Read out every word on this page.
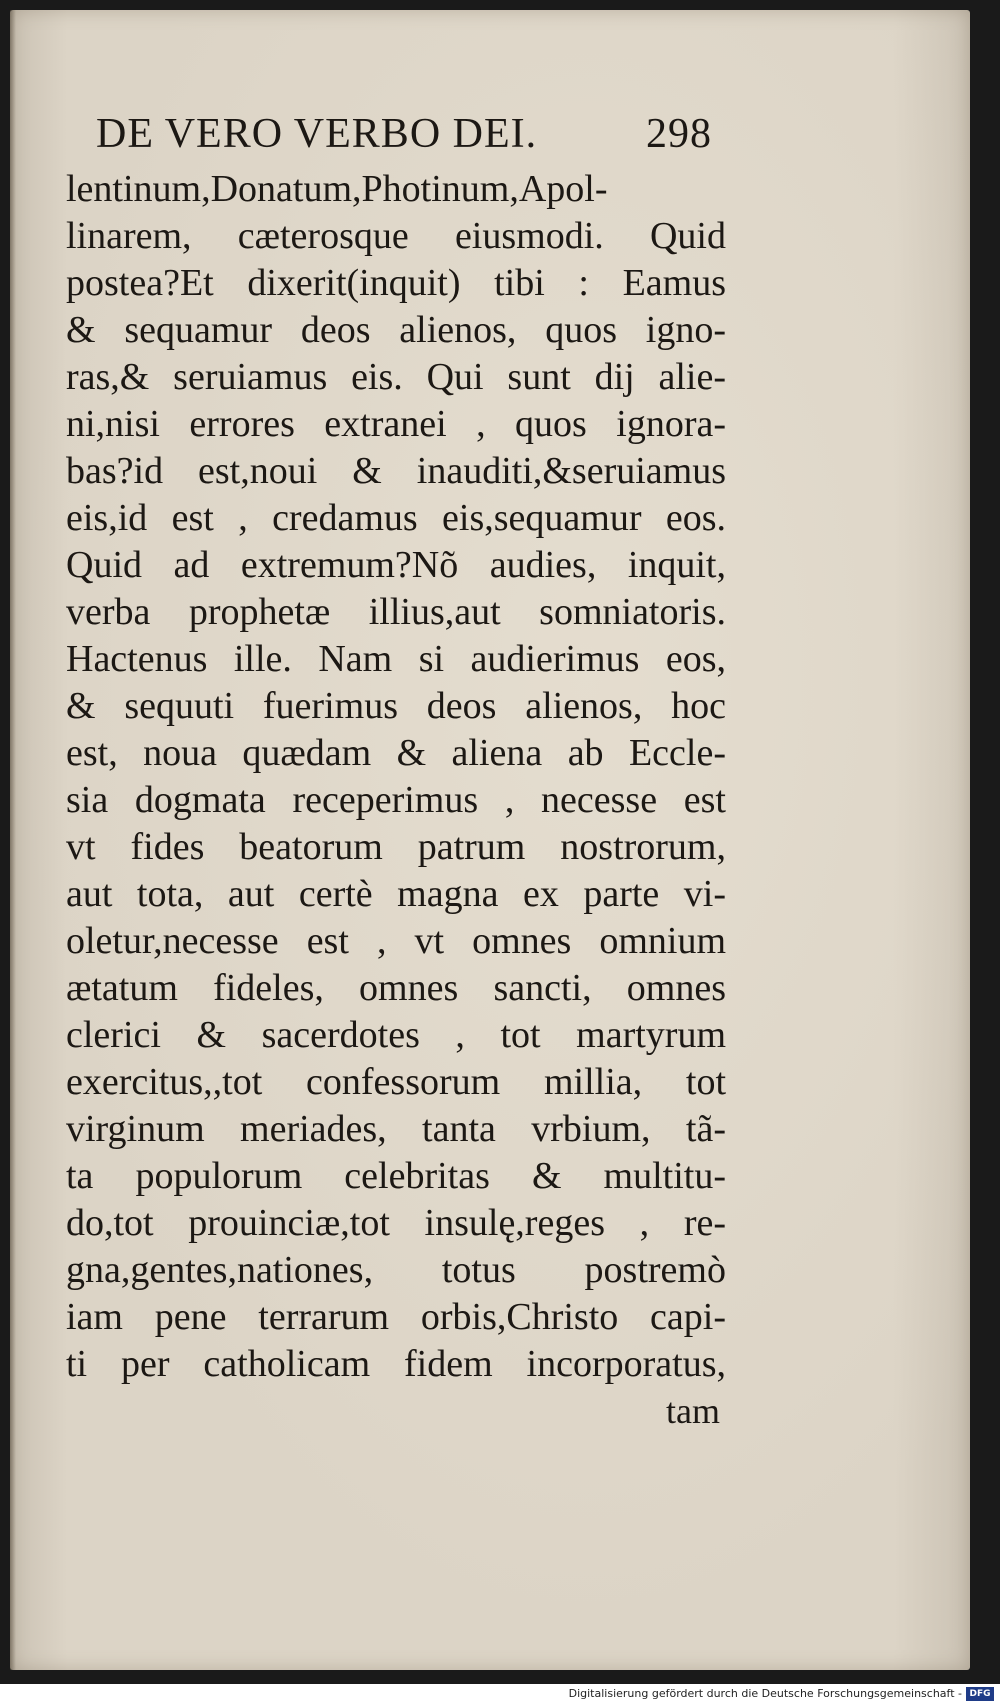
DE VERO VERBO DEI.	298
lentinum,Donatum,Photinum,Apol-
linarem, cæterosque eiusmodi. Quid
postea?Et dixerit(inquit) tibi : Eamus
& sequamur deos alienos, quos igno-
ras,& seruiamus eis. Qui sunt dij alie-
ni,nisi errores extranei , quos ignora-
bas?id est,noui & inauditi,&seruiamus
eis,id est , credamus eis,sequamur eos.
Quid ad extremum?Nõ audies, inquit,
verba prophetæ illius,aut somniatoris.
Hactenus ille. Nam si audierimus eos,
& sequuti fuerimus deos alienos, hoc
est, noua quædam & aliena ab Eccle-
sia dogmata receperimus , necesse est
vt fides beatorum patrum nostrorum,
aut tota, aut certè magna ex parte vi-
oletur,necesse est , vt omnes omnium
ætatum fideles, omnes sancti, omnes
clerici & sacerdotes , tot martyrum
exercitus,,tot confessorum millia, tot
virginum meriades, tanta vrbium, tã-
ta populorum celebritas & multitu-
do,tot prouinciæ,tot insulę,reges , re-
gna,gentes,nationes, totus postremò
iam pene terrarum orbis,Christo capi-
ti per catholicam fidem incorporatus,
tam
Digitalisierung gefördert durch die Deutsche Forschungsgemeinschaft - DFG
